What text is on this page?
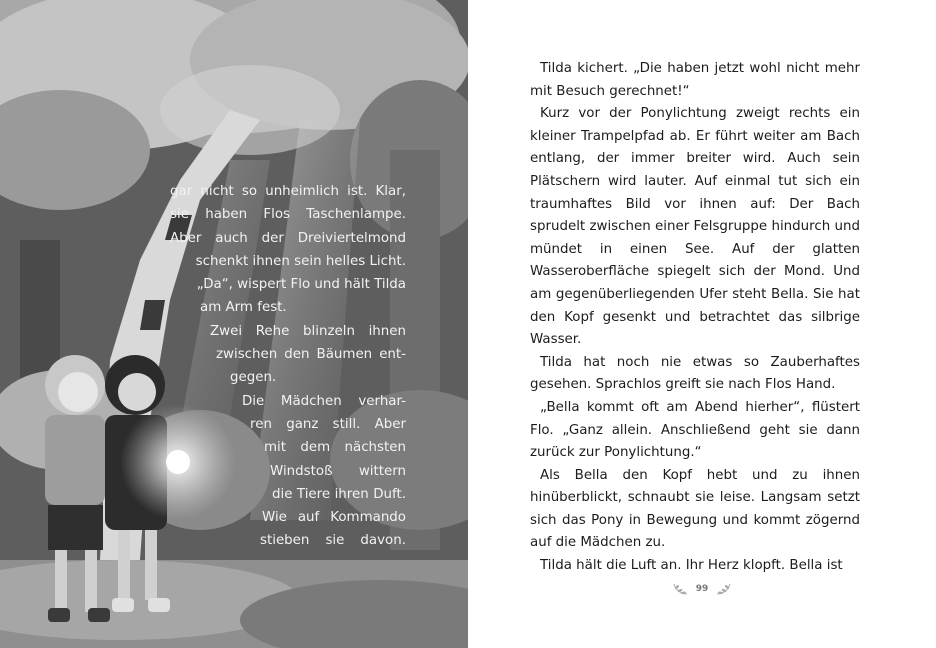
gar nicht so unheimlich ist. Klar,
sie haben Flos Taschenlampe.
Aber auch der Dreiviertelmond
schenkt ihnen sein helles Licht.
„Da“, wispert Flo und hält Tilda
am Arm fest.
Zwei Rehe blinzeln ihnen
zwischen den Bäumen ent-
gegen.
Die Mädchen verhar-
ren ganz still. Aber
mit dem nächsten
Windstoß wittern
die Tiere ihren Duft.
Wie auf Kommando
stieben sie davon.

Tilda kichert. „Die haben jetzt wohl nicht mehr mit Besuch gerechnet!“

Kurz vor der Ponylichtung zweigt rechts ein kleiner Trampelpfad ab. Er führt weiter am Bach entlang, der immer breiter wird. Auch sein Plätschern wird lauter. Auf einmal tut sich ein traumhaftes Bild vor ihnen auf: Der Bach sprudelt zwischen einer Felsgruppe hindurch und mündet in einen See. Auf der glatten Wasseroberfläche spiegelt sich der Mond. Und am gegenüberliegenden Ufer steht Bella. Sie hat den Kopf gesenkt und betrachtet das silbrige Wasser.

Tilda hat noch nie etwas so Zauberhaftes gesehen. Sprachlos greift sie nach Flos Hand.

„Bella kommt oft am Abend hierher“, flüstert Flo. „Ganz allein. Anschließend geht sie dann zurück zur Ponylichtung.“

Als Bella den Kopf hebt und zu ihnen hinüberblickt, schnaubt sie leise. Langsam setzt sich das Pony in Bewegung und kommt zögernd auf die Mädchen zu.

Tilda hält die Luft an. Ihr Herz klopft. Bella ist

99
